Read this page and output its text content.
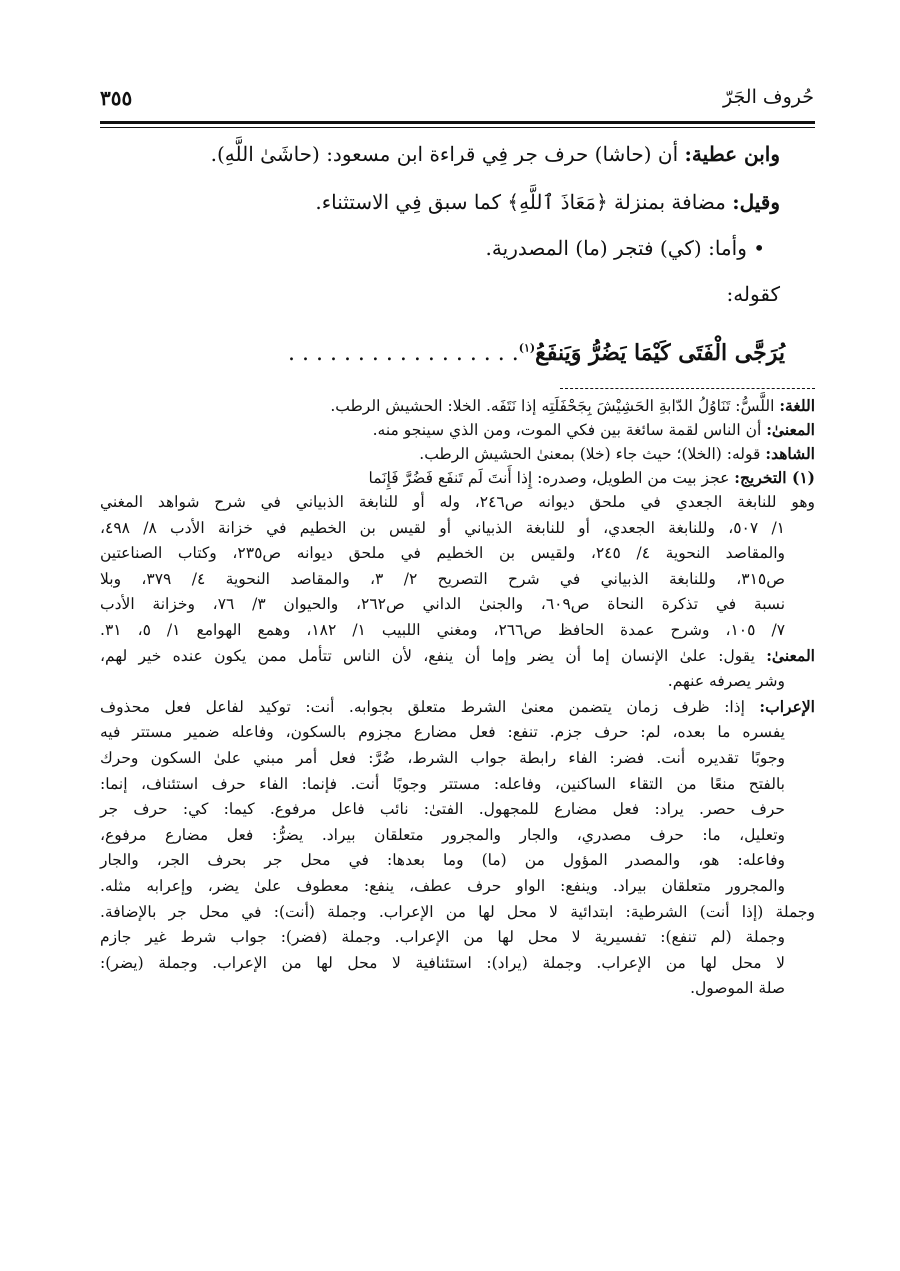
٣٥٥	حُروف الجَرّ
وابن عطية: أن (حاشا) حرف جر فِي قراءة ابن مسعود: (حاشَىٰ اللَّهِ).
وقيل: مضافة بمنزلة ﴿مَعَاذَ ٱللَّهِ﴾ كما سبق فِي الاستثناء.
• وأما: (كي) فتجر (ما) المصدرية.
كقوله:
يُرَجَّى الْفَتَى كَيْمَا يَضُرُّ وَيَنفَعُ$^{(١)}$. . . . . . . . . . . . . . . . .
اللغة: اللَّسُّ: تَنَاوُلُ الدّابةِ الحَشِيْشَ بِجَحْفَلَتِه إذا نَتَفَه. الخلا: الحشيش الرطب.
المعنىٰ: أن الناس لقمة سائغة بين فكي الموت، ومن الذي سينجو منه.
الشاهد: قوله: (الخلا)؛ حيث جاء (خلا) بمعنىٰ الحشيش الرطب.
(١) التخريج: عجز بيت من الطويل، وصدره: إِذا أَنتَ لَم تَنفَع فَضُرَّ فَإِنَما
وهو للنابغة الجعدي في ملحق ديوانه ص٢٤٦، وله أو للنابغة الذبياني في شرح شواهد المغني
١/ ٥٠٧، وللنابغة الجعدي، أو للنابغة الذبياني أو لقيس بن الخطيم في خزانة الأدب ٨/ ٤٩٨،
والمقاصد النحوية ٤/ ٢٤٥، ولقيس بن الخطيم في ملحق ديوانه ص٢٣٥، وكتاب الصناعتين
ص٣١٥، وللنابغة الذبياني في شرح التصريح ٢/ ٣، والمقاصد النحوية ٤/ ٣٧٩، وبلا
نسبة في تذكرة النحاة ص٦٠٩، والجنىٰ الداني ص٢٦٢، والحيوان ٣/ ٧٦، وخزانة الأدب
٧/ ١٠٥، وشرح عمدة الحافظ ص٢٦٦، ومغني اللبيب ١/ ١٨٢، وهمع الهوامع ١/ ٥، ٣١.
المعنىٰ: يقول: علىٰ الإنسان إما أن يضر وإما أن ينفع، لأن الناس تتأمل ممن يكون عنده خير لهم،
وشر يصرفه عنهم.
الإعراب: إذا: ظرف زمان يتضمن معنىٰ الشرط متعلق بجوابه. أنت: توكيد لفاعل فعل محذوف
يفسره ما بعده، لم: حرف جزم. تنفع: فعل مضارع مجزوم بالسكون، وفاعله ضمير مستتر فيه
وجوبًا تقديره أنت. فضر: الفاء رابطة جواب الشرط، ضُرَّ: فعل أمر مبني علىٰ السكون وحرك
بالفتح منعًا من التقاء الساكنين، وفاعله: مستتر وجوبًا أنت. فإنما: الفاء حرف استئناف، إنما:
حرف حصر. يراد: فعل مضارع للمجهول. الفتىٰ: نائب فاعل مرفوع. كيما: كي: حرف جر
وتعليل، ما: حرف مصدري، والجار والمجرور متعلقان بيراد. يضرُّ: فعل مضارع مرفوع،
وفاعله: هو، والمصدر المؤول من (ما) وما بعدها: في محل جر بحرف الجر، والجار
والمجرور متعلقان بيراد. وينفع: الواو حرف عطف، ينفع: معطوف علىٰ يضر، وإعرابه مثله.
وجملة (إذا أنت) الشرطية: ابتدائية لا محل لها من الإعراب. وجملة (أنت): في محل جر بالإضافة.
وجملة (لم تنفع): تفسيرية لا محل لها من الإعراب. وجملة (فضر): جواب شرط غير جازم
لا محل لها من الإعراب. وجملة (يراد): استئنافية لا محل لها من الإعراب. وجملة (يضر):
صلة الموصول.
